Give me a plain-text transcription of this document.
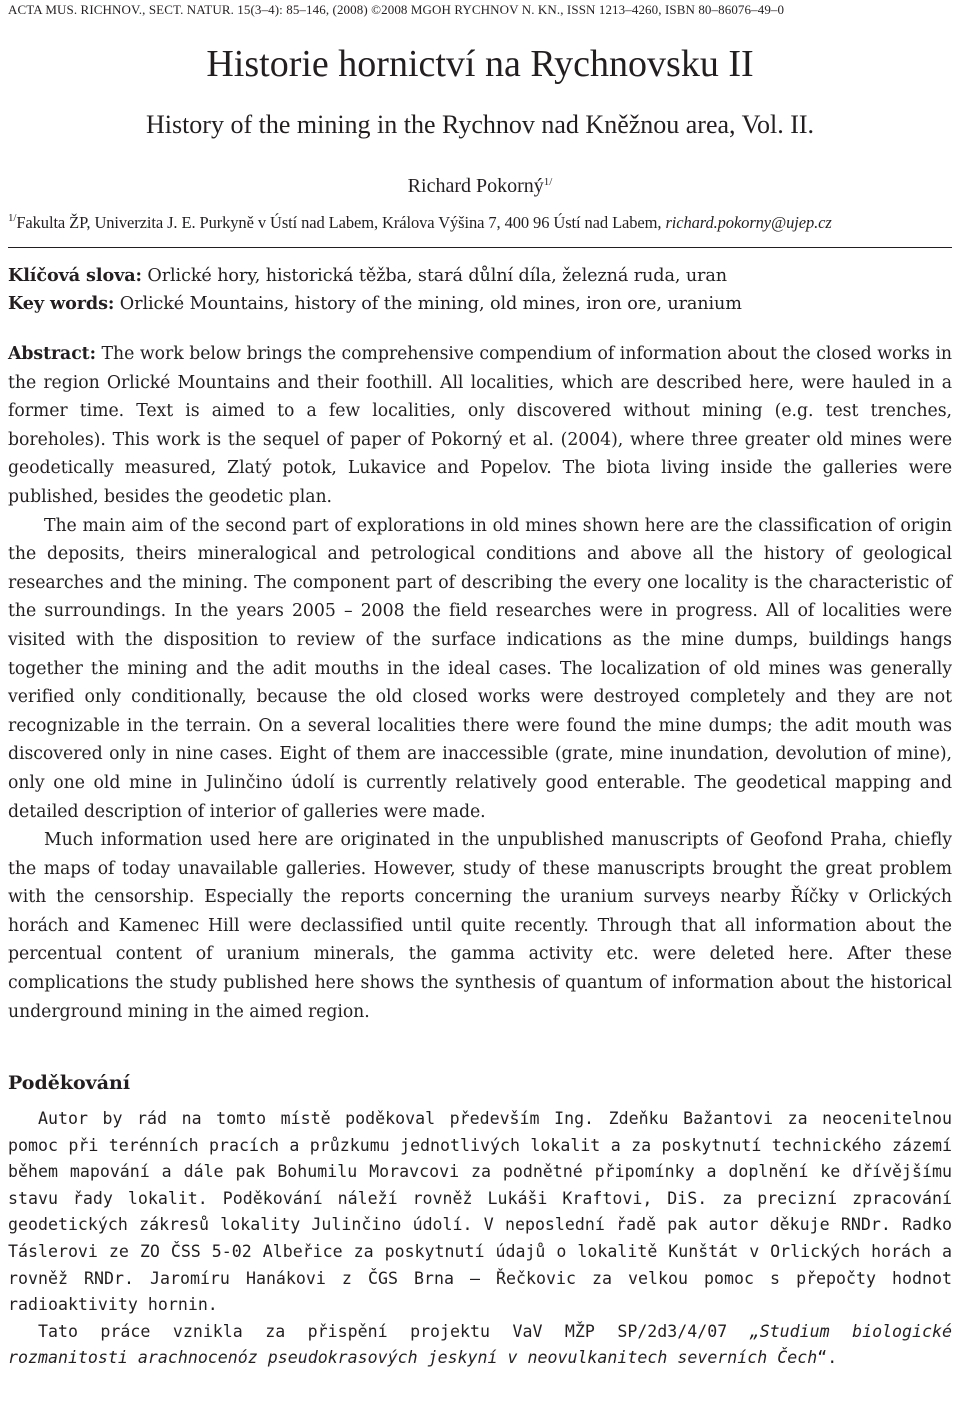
ACTA MUS. RICHNOV., SECT. NATUR. 15(3–4): 85–146, (2008) ©2008 MGOH RYCHNOV N. KN., ISSN 1213–4260, ISBN 80–86076–49–0
Historie hornictví na Rychnovsku II
History of the mining in the Rychnov nad Kněžnou area, Vol. II.
Richard Pokorný$^{1/}$
$^{1/}$Fakulta ŽP, Univerzita J. E. Purkyně v Ústí nad Labem, Králova Výšina 7, 400 96 Ústí nad Labem, richard.pokorny@ujep.cz
Klíčová slova: Orlické hory, historická těžba, stará důlní díla, železná ruda, uran
Key words: Orlické Mountains, history of the mining, old mines, iron ore, uranium

Abstract: The work below brings the comprehensive compendium of information about the closed works in the region Orlické Mountains and their foothill. All localities, which are described here, were hauled in a former time. Text is aimed to a few localities, only discovered without mining (e.g. test trenches, boreholes). This work is the sequel of paper of Pokorný et al. (2004), where three greater old mines were geodetically measured, Zlatý potok, Lukavice and Popelov. The biota living inside the galleries were published, besides the geodetic plan.

The main aim of the second part of explorations in old mines shown here are the classification of origin the deposits, theirs mineralogical and petrological conditions and above all the history of geological researches and the mining. The component part of describing the every one locality is the characteristic of the surroundings. In the years 2005 – 2008 the field researches were in progress. All of localities were visited with the disposition to review of the surface indications as the mine dumps, buildings hangs together the mining and the adit mouths in the ideal cases. The localization of old mines was generally verified only conditionally, because the old closed works were destroyed completely and they are not recognizable in the terrain. On a several localities there were found the mine dumps; the adit mouth was discovered only in nine cases. Eight of them are inaccessible (grate, mine inundation, devolution of mine), only one old mine in Julinčino údolí is currently relatively good enterable. The geodetical mapping and detailed description of interior of galleries were made.

Much information used here are originated in the unpublished manuscripts of Geofond Praha, chiefly the maps of today unavailable galleries. However, study of these manuscripts brought the great problem with the censorship. Especially the reports concerning the uranium surveys nearby Říčky v Orlických horách and Kamenec Hill were declassified until quite recently. Through that all information about the percentual content of uranium minerals, the gamma activity etc. were deleted here. After these complications the study published here shows the synthesis of quantum of information about the historical underground mining in the aimed region.

Poděkování

Autor by rád na tomto místě poděkoval především Ing. Zdeňku Bažantovi za neocenitelnou pomoc při terénních pracích a průzkumu jednotlivých lokalit a za poskytnutí technického zázemí během mapování a dále pak Bohumilu Moravcovi za podnětné připomínky a doplnění ke dřívějšímu stavu řady lokalit. Poděkování náleží rovněž Lukáši Kraftovi, DiS. za precizní zpracování geodetických zákresů lokality Julinčino údolí. V neposlední řadě pak autor děkuje RNDr. Radko Táslerovi ze ZO ČSS 5-02 Albeřice za poskytnutí údajů o lokalitě Kunštát v Orlických horách a rovněž RNDr. Jaromíru Hanákovi z ČGS Brna – Řečkovic za velkou pomoc s přepočty hodnot radioaktivity hornin.

Tato práce vznikla za přispění projektu VaV MŽP SP/2d3/4/07 „Studium biologické rozmanitosti arachnocenóz pseudokrasových jeskyní v neovulkanitech severních Čech“.
